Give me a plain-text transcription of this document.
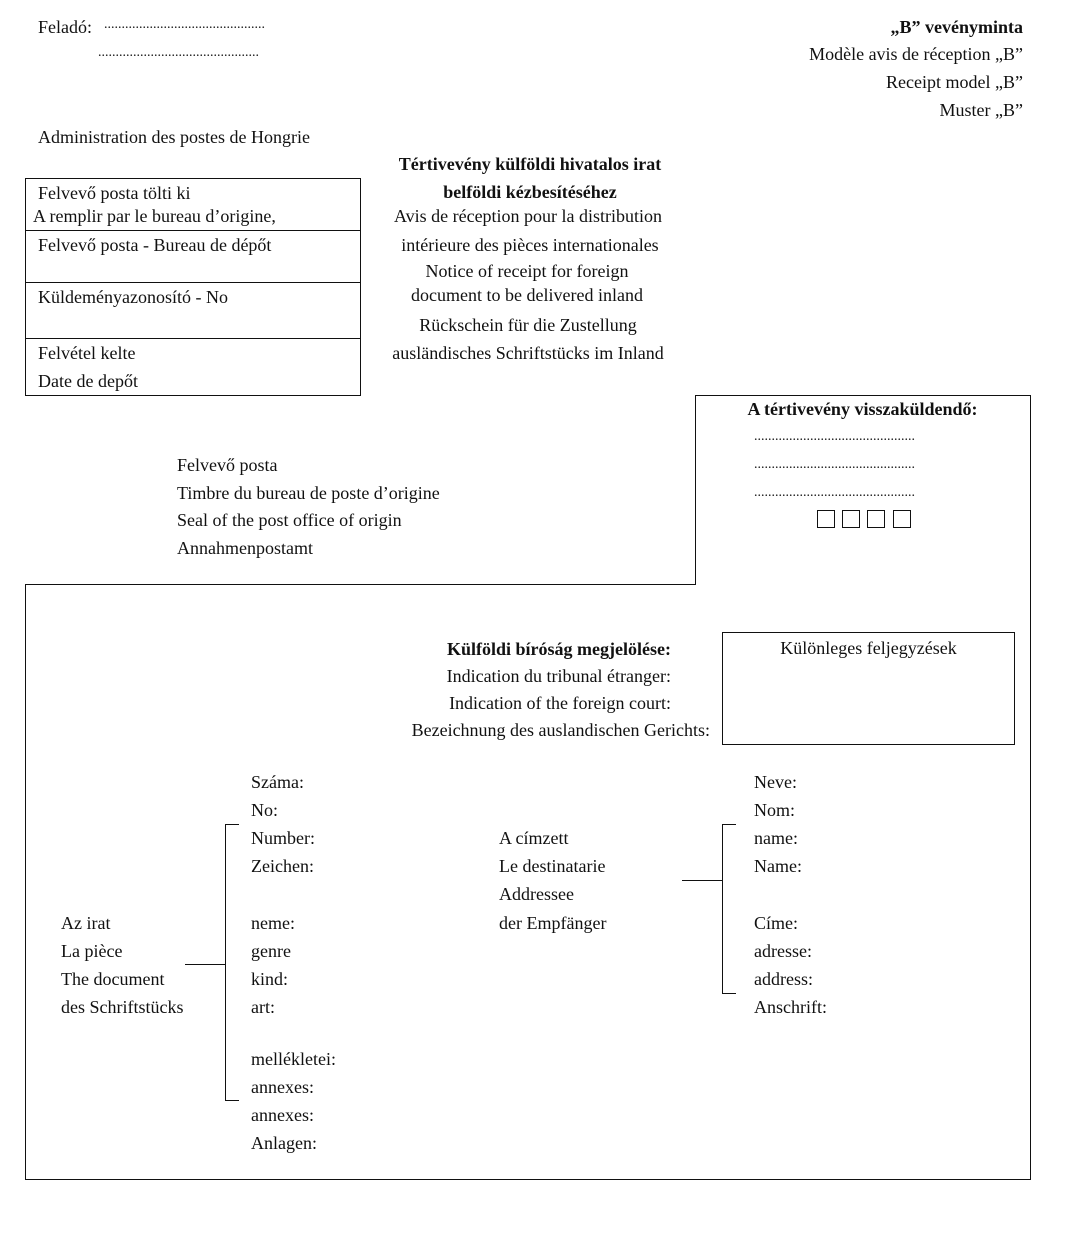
Feladó: ..............................................
..............................................
„B” vevényminta
Modèle avis de réception „B”
Receipt model „B”
Muster „B”
Administration des postes de Hongrie
Felvevő posta tölti ki
A remplir par le bureau d’origine,
Felvevő posta - Bureau de dépőt
Küldeményazonosító - No
Felvétel kelte
Date de depőt
Tértivevény külföldi hivatalos irat
belföldi kézbesítéséhez
Avis de réception pour la distribution
intérieure des pièces internationales
Notice of receipt for foreign
document to be delivered inland
Rückschein für die Zustellung
ausländisches Schriftstücks im Inland
A tértivevény visszaküldendő:
..............................................
..............................................
..............................................
Felvevő posta
Timbre du bureau de poste d’origine
Seal of the post office of origin
Annahmenpostamt
Külföldi bíróság megjelölése:
Indication du tribunal étranger:
Indication of the foreign court:
Bezeichnung des auslandischen Gerichts:
Különleges feljegyzések
Az irat
La pièce
The document
des Schriftstücks
Száma:
No:
Number:
Zeichen:
neme:
genre
kind:
art:
mellékletei:
annexes:
annexes:
Anlagen:
A címzett
Le destinatarie
Addressee
der Empfänger
Neve:
Nom:
name:
Name:
Címe:
adresse:
address:
Anschrift:
